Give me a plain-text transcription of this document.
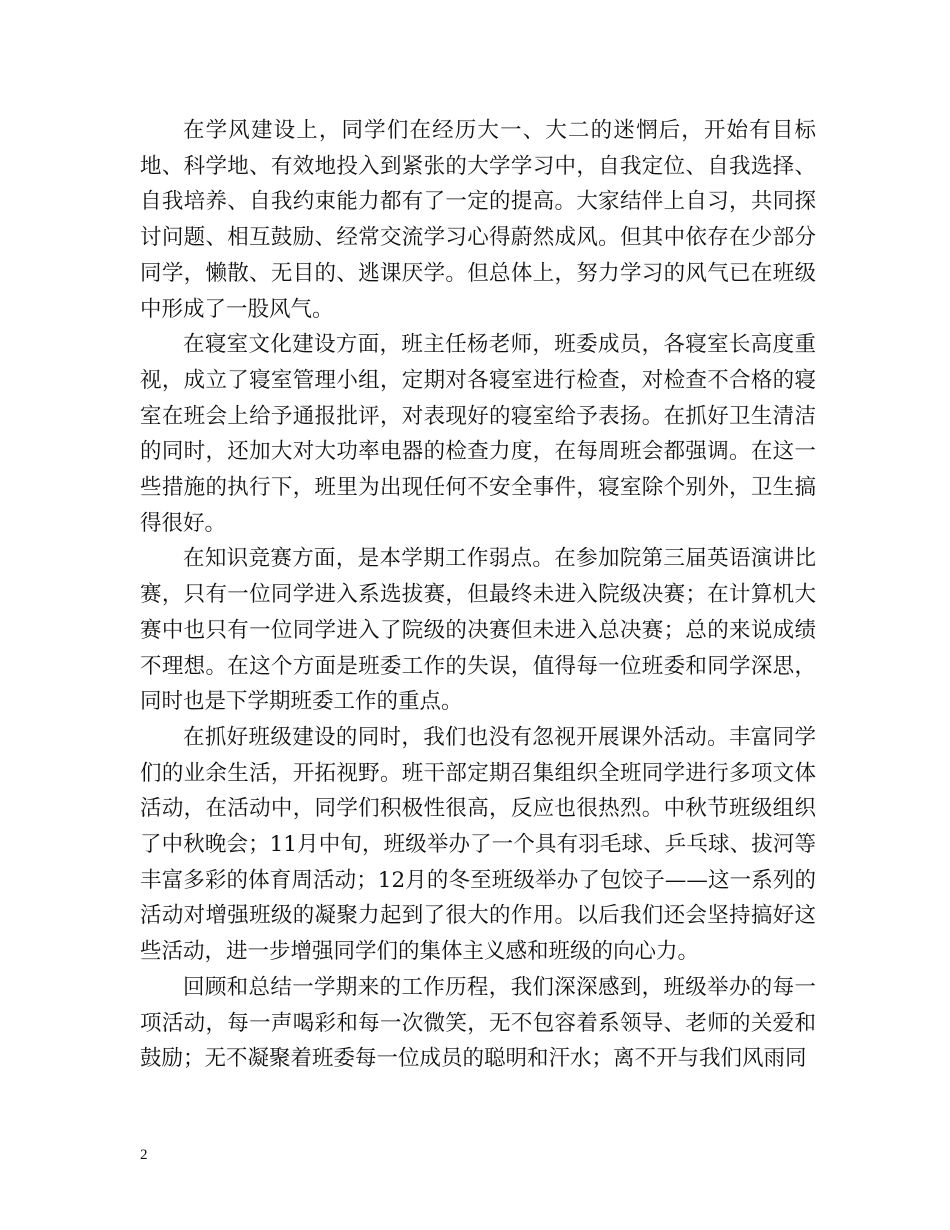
在学风建设上，同学们在经历大一、大二的迷惘后，开始有目标地、科学地、有效地投入到紧张的大学学习中，自我定位、自我选择、自我培养、自我约束能力都有了一定的提高。大家结伴上自习，共同探讨问题、相互鼓励、经常交流学习心得蔚然成风。但其中依存在少部分同学，懒散、无目的、逃课厌学。但总体上，努力学习的风气已在班级中形成了一股风气。

在寝室文化建设方面，班主任杨老师，班委成员，各寝室长高度重视，成立了寝室管理小组，定期对各寝室进行检查，对检查不合格的寝室在班会上给予通报批评，对表现好的寝室给予表扬。在抓好卫生清洁的同时，还加大对大功率电器的检查力度，在每周班会都强调。在这一些措施的执行下，班里为出现任何不安全事件，寝室除个别外，卫生搞得很好。

在知识竞赛方面，是本学期工作弱点。在参加院第三届英语演讲比赛，只有一位同学进入系选拔赛，但最终未进入院级决赛；在计算机大赛中也只有一位同学进入了院级的决赛但未进入总决赛；总的来说成绩不理想。在这个方面是班委工作的失误，值得每一位班委和同学深思，同时也是下学期班委工作的重点。

在抓好班级建设的同时，我们也没有忽视开展课外活动。丰富同学们的业余生活，开拓视野。班干部定期召集组织全班同学进行多项文体活动，在活动中，同学们积极性很高，反应也很热烈。中秋节班级组织了中秋晚会；11月中旬，班级举办了一个具有羽毛球、乒乓球、拔河等丰富多彩的体育周活动；12月的冬至班级举办了包饺子——这一系列的活动对增强班级的凝聚力起到了很大的作用。以后我们还会坚持搞好这些活动，进一步增强同学们的集体主义感和班级的向心力。

回顾和总结一学期来的工作历程，我们深深感到，班级举办的每一项活动，每一声喝彩和每一次微笑，无不包容着系领导、老师的关爱和鼓励；无不凝聚着班委每一位成员的聪明和汗水；离不开与我们风雨同

2
